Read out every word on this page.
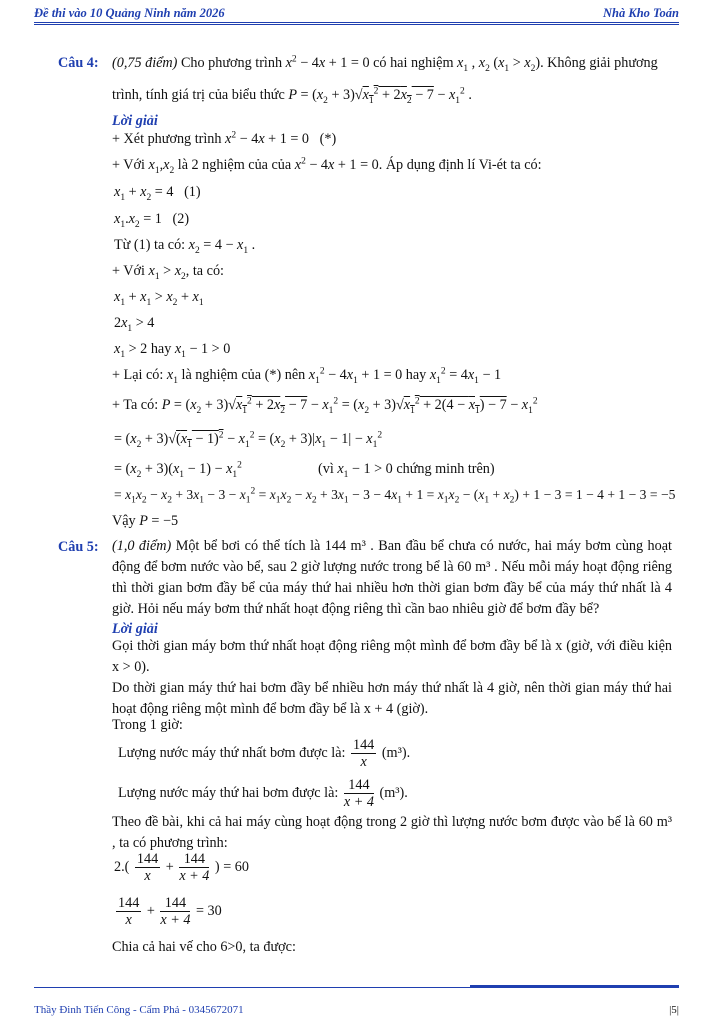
Đề thi vào 10 Quảng Ninh năm 2026	Nhà Kho Toán
Câu 4: (0,75 điểm) Cho phương trình $x^2 - 4x + 1 = 0$ có hai nghiệm $x_1$ , $x_2$ $(x_1 > x_2)$. Không giải phương
trình, tính giá trị của biểu thức $P = (x_2 + 3)√x_1^2 + 2x_2 - 7 - x_1^2$ .
Lời giải
+ Xét phương trình $x^2 - 4x + 1 = 0$   (*)
+ Với $x_1,x_2$ là 2 nghiệm của của $x^2 - 4x + 1 = 0$. Áp dụng định lí Vi-ét ta có:
$x_1 + x_2 = 4$   (1)
$x_1.x_2 = 1$   (2)
Từ (1) ta có: $x_2 = 4 - x_1$ .
+ Với $x_1 > x_2$, ta có:
$x_1 + x_1 > x_2 + x_1$
$2x_1 > 4$
$x_1 > 2$ hay $x_1 - 1 > 0$
+ Lại có: $x_1$ là nghiệm của (*) nên $x_1^2 - 4x_1 + 1 = 0$ hay $x_1^2 = 4x_1 - 1$
+ Ta có: $P = (x_2 + 3)√x_1^2 + 2x_2 - 7 - x_1^2 = (x_2 + 3)√x_1^2 + 2(4 - x_1) - 7 - x_1^2$
= $(x_2 + 3)√(x_1 - 1)^2 - x_1^2 = (x_2 + 3)|x_1 - 1| - x_1^2$
= $(x_2 + 3)(x_1 - 1) - x_1^2$	(vì $x_1 - 1 > 0$ chứng minh trên)
= $x_1x_2 - x_2 + 3x_1 - 3 - x_1^2 = x_1x_2 - x_2 + 3x_1 - 3 - 4x_1 + 1 = x_1x_2 - (x_1 + x_2) + 1 - 3 = 1 - 4 + 1 - 3 = -5$
Vậy P = −5
Câu 5: (1,0 điểm) Một bể bơi có thể tích là 144 m³ . Ban đầu bể chưa có nước, hai máy bơm cùng hoạt động để bơm nước vào bể, sau 2 giờ lượng nước trong bể là 60 m³ . Nếu mỗi máy hoạt động riêng thì thời gian bơm đầy bể của máy thứ hai nhiều hơn thời gian bơm đầy bể của máy thứ nhất là 4 giờ. Hỏi nếu máy bơm thứ nhất hoạt động riêng thì cần bao nhiêu giờ để bơm đầy bể?
Lời giải
Gọi thời gian máy bơm thứ nhất hoạt động riêng một mình để bơm đầy bể là x (giờ, với điều kiện x > 0).
Do thời gian máy thứ hai bơm đầy bể nhiều hơn máy thứ nhất là 4 giờ, nên thời gian máy thứ hai hoạt động riêng một mình để bơm đầy bể là x + 4 (giờ).
Trong 1 giờ:
Lượng nước máy thứ nhất bơm được là: $\frac{144}{x} (m^3)$.
Lượng nước máy thứ hai bơm được là: $\frac{144}{x + 4} (m^3)$.
Theo đề bài, khi cả hai máy cùng hoạt động trong 2 giờ thì lượng nước bơm được vào bể là 60 m³ , ta có phương trình:
$2.( \frac{144}{x} + \frac{144}{x + 4}$ ) = 60
$\frac{144}{x} + \frac{144}{x + 4} = 30$
Chia cả hai vế cho 6>0, ta được:
Thầy Đinh Tiến Công - Cẩm Phả - 0345672071	|5|
